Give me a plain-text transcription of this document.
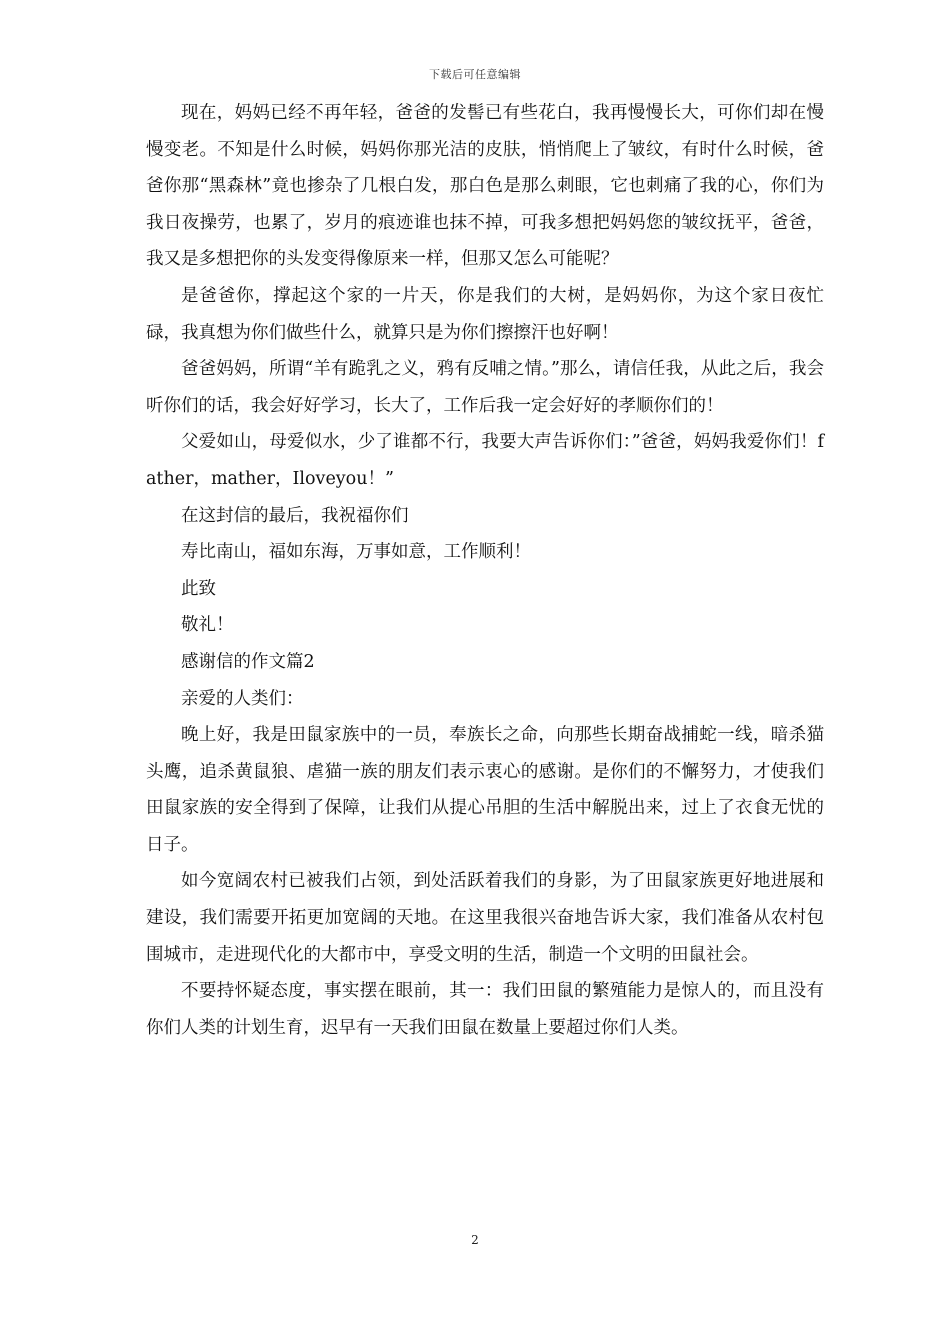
下载后可任意编辑

现在，妈妈已经不再年轻，爸爸的发髻已有些花白，我再慢慢长大，可你们却在慢慢变老。不知是什么时候，妈妈你那光洁的皮肤，悄悄爬上了皱纹，有时什么时候，爸爸你那“黑森林”竟也掺杂了几根白发，那白色是那么刺眼，它也刺痛了我的心，你们为我日夜操劳，也累了，岁月的痕迹谁也抹不掉，可我多想把妈妈您的皱纹抚平，爸爸，我又是多想把你的头发变得像原来一样，但那又怎么可能呢？

是爸爸你，撑起这个家的一片天，你是我们的大树，是妈妈你，为这个家日夜忙碌，我真想为你们做些什么，就算只是为你们擦擦汗也好啊！

爸爸妈妈，所谓“羊有跪乳之义，鸦有反哺之情。”那么，请信任我，从此之后，我会听你们的话，我会好好学习，长大了，工作后我一定会好好的孝顺你们的！

父爱如山，母爱似水，少了谁都不行，我要大声告诉你们：”爸爸，妈妈我爱你们！father，mather，Iloveyou！”

在这封信的最后，我祝福你们

寿比南山，福如东海，万事如意，工作顺利！

此致

敬礼！

感谢信的作文篇2

亲爱的人类们：

晚上好，我是田鼠家族中的一员，奉族长之命，向那些长期奋战捕蛇一线，暗杀猫头鹰，追杀黄鼠狼、虐猫一族的朋友们表示衷心的感谢。是你们的不懈努力，才使我们田鼠家族的安全得到了保障，让我们从提心吊胆的生活中解脱出来，过上了衣食无忧的日子。

如今宽阔农村已被我们占领，到处活跃着我们的身影，为了田鼠家族更好地进展和建设，我们需要开拓更加宽阔的天地。在这里我很兴奋地告诉大家，我们准备从农村包围城市，走进现代化的大都市中，享受文明的生活，制造一个文明的田鼠社会。

不要持怀疑态度，事实摆在眼前，其一：我们田鼠的繁殖能力是惊人的，而且没有你们人类的计划生育，迟早有一天我们田鼠在数量上要超过你们人类。

2
